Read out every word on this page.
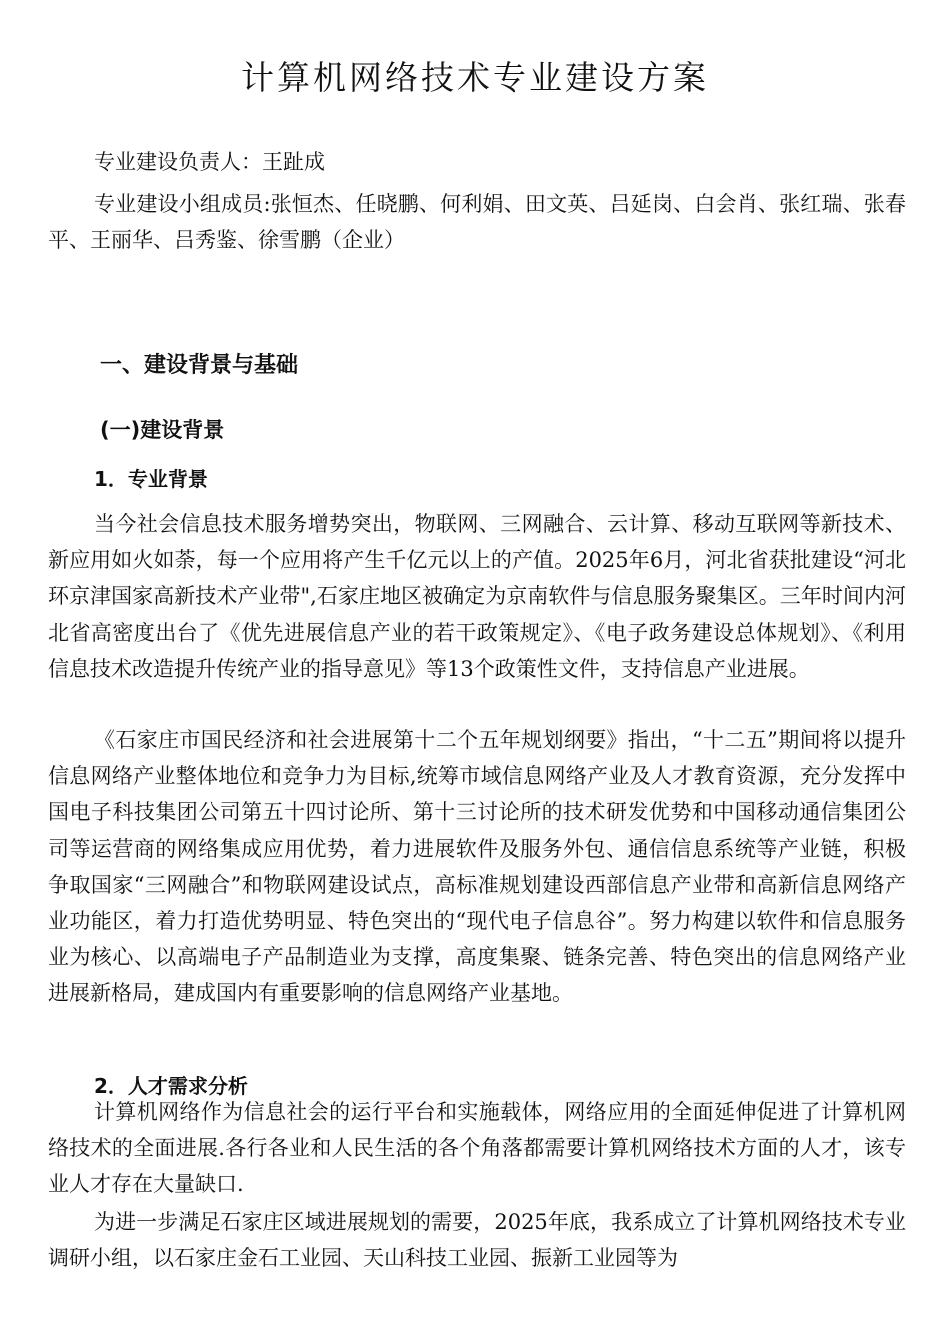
计算机网络技术专业建设方案

专业建设负责人：王趾成

专业建设小组成员:张恒杰、任晓鹏、何利娟、田文英、吕延岗、白会肖、张红瑞、张春平、王丽华、吕秀鉴、徐雪鹏（企业）

一、建设背景与基础
(一)建设背景
1．专业背景

当今社会信息技术服务增势突出，物联网、三网融合、云计算、移动互联网等新技术、新应用如火如荼，每一个应用将产生千亿元以上的产值。2025年6月，河北省获批建设“河北环京津国家高新技术产业带",石家庄地区被确定为京南软件与信息服务聚集区。三年时间内河北省高密度出台了《优先进展信息产业的若干政策规定》、《电子政务建设总体规划》、《利用信息技术改造提升传统产业的指导意见》等13个政策性文件，支持信息产业进展。

《石家庄市国民经济和社会进展第十二个五年规划纲要》指出，“十二五”期间将以提升信息网络产业整体地位和竞争力为目标,统筹市域信息网络产业及人才教育资源，充分发挥中国电子科技集团公司第五十四讨论所、第十三讨论所的技术研发优势和中国移动通信集团公司等运营商的网络集成应用优势，着力进展软件及服务外包、通信信息系统等产业链，积极争取国家“三网融合”和物联网建设试点，高标准规划建设西部信息产业带和高新信息网络产业功能区，着力打造优势明显、特色突出的“现代电子信息谷”。努力构建以软件和信息服务业为核心、以高端电子产品制造业为支撑，高度集聚、链条完善、特色突出的信息网络产业进展新格局，建成国内有重要影响的信息网络产业基地。

2．人才需求分析

计算机网络作为信息社会的运行平台和实施载体，网络应用的全面延伸促进了计算机网络技术的全面进展.各行各业和人民生活的各个角落都需要计算机网络技术方面的人才，该专业人才存在大量缺口.

为进一步满足石家庄区域进展规划的需要，2025年底，我系成立了计算机网络技术专业调研小组，以石家庄金石工业园、天山科技工业园、振新工业园等为
